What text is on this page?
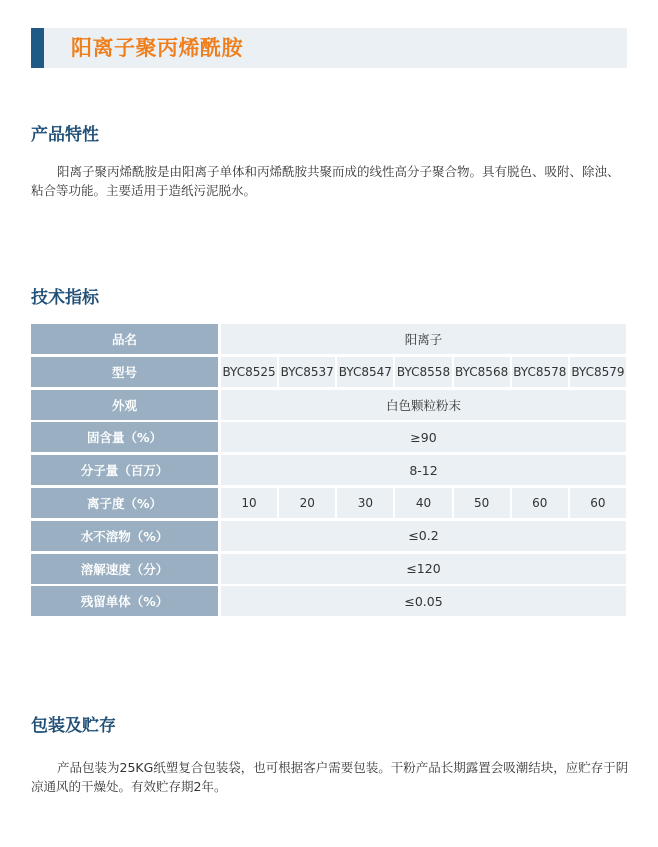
阳离子聚丙烯酰胺
产品特性

阳离子聚丙烯酰胺是由阳离子单体和丙烯酰胺共聚而成的线性高分子聚合物。具有脱色、吸附、除浊、粘合等功能。主要适用于造纸污泥脱水。

技术指标
品名	阳离子
型号	BYC8525 BYC8537 BYC8547 BYC8558 BYC8568 BYC8578 BYC8579
外观	白色颗粒粉末
固含量（%）	≥90
分子量（百万）	8-12
离子度（%）	10	20	30	40	50	60	60
水不溶物（%）	≤0.2
溶解速度（分）	≤120
残留单体（%）	≤0.05
包装及贮存

产品包装为25KG纸塑复合包装袋，也可根据客户需要包装。干粉产品长期露置会吸潮结块，应贮存于阴凉通风的干燥处。有效贮存期2年。
